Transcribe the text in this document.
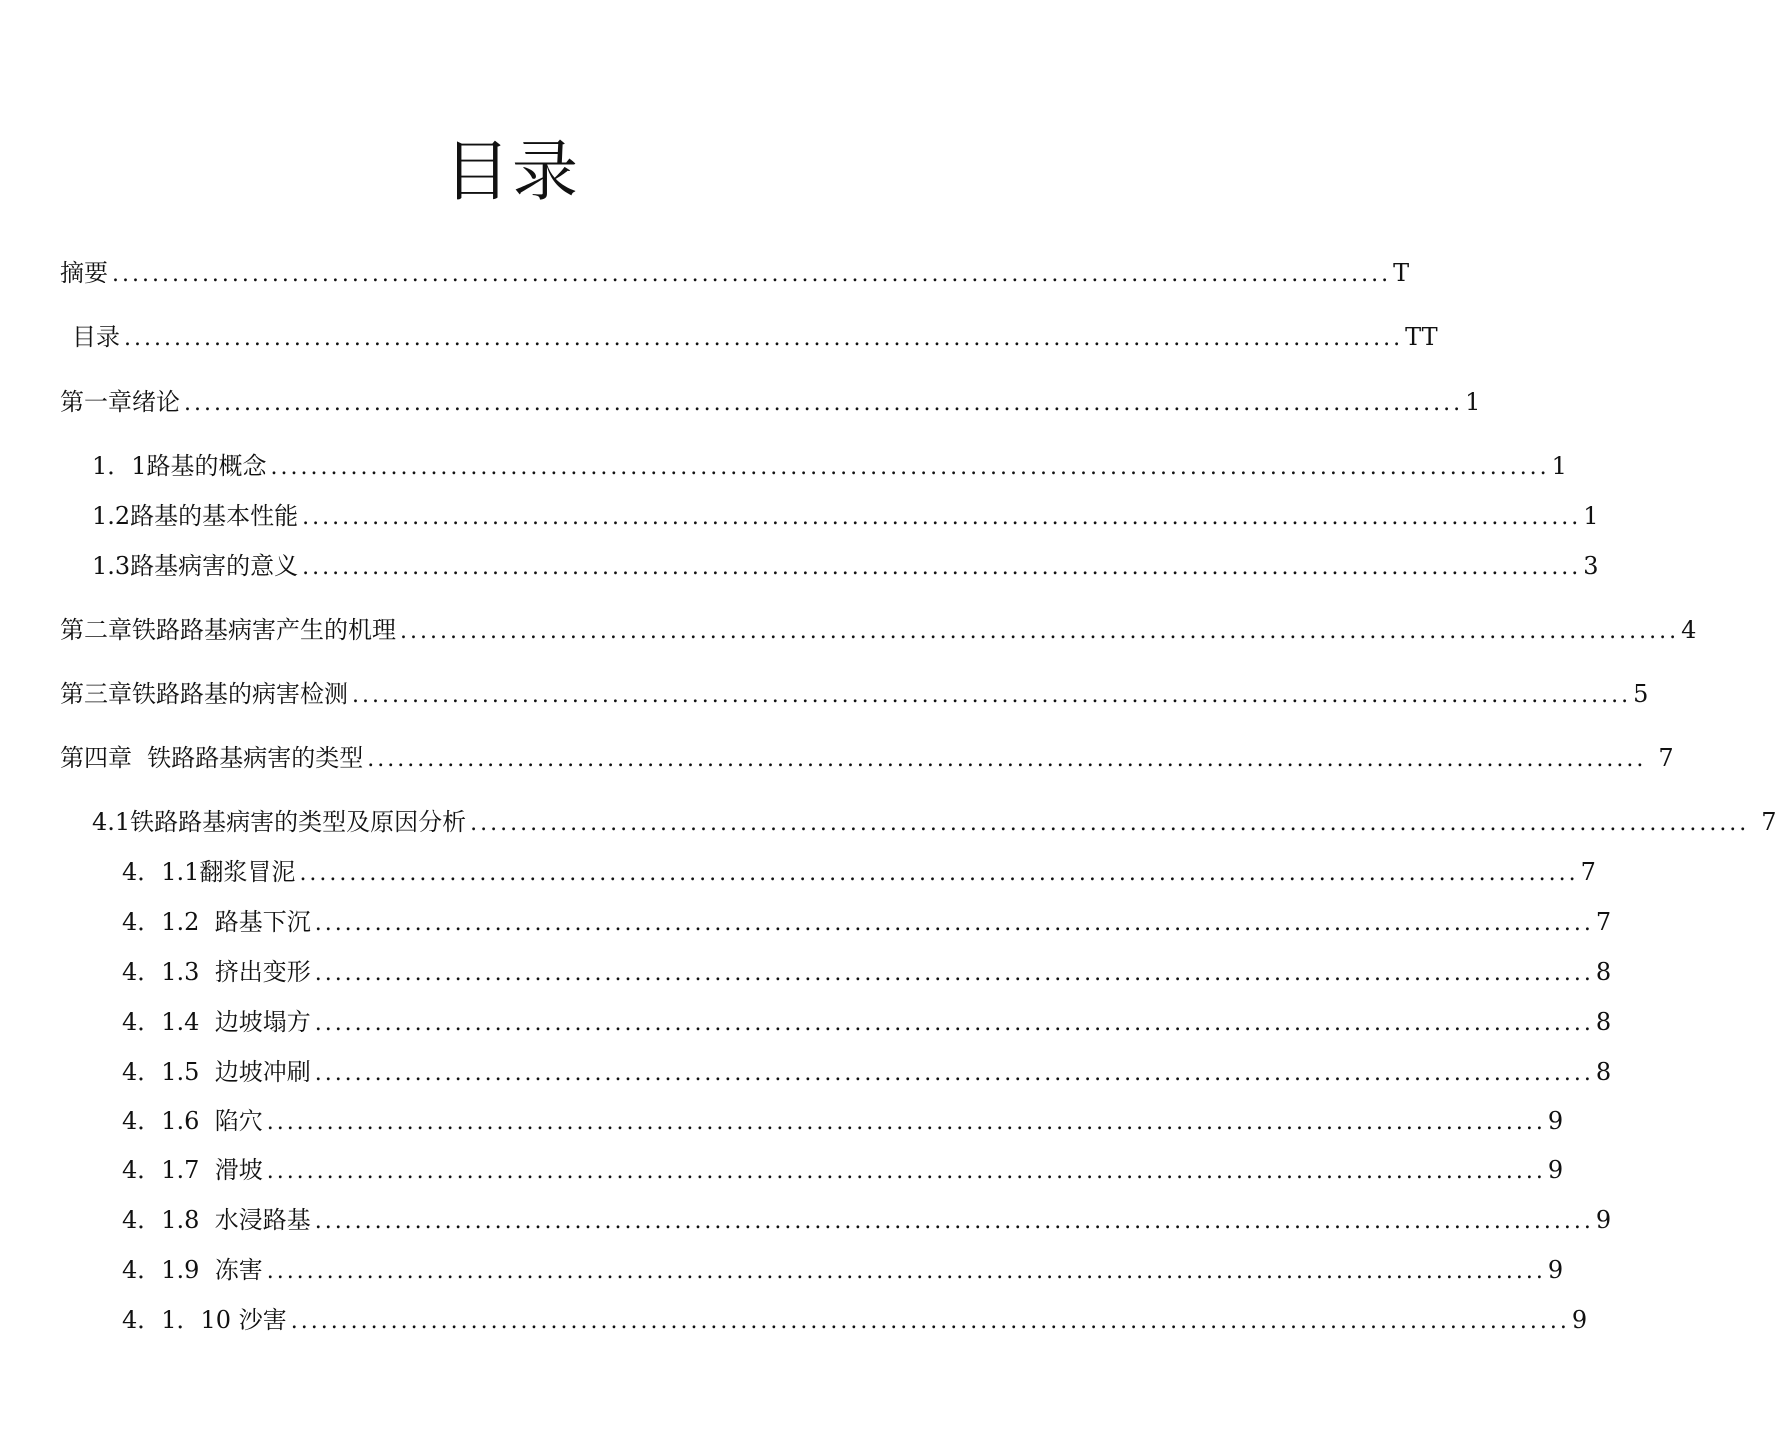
目录
摘要 ................................................................................................................................ T
目录 ................................................................................................................................ TT
第一章绪论 ................................................................................................................................ 1
1．1路基的概念 ................................................................................................................................ 1
1.2路基的基本性能 ................................................................................................................................ 1
1.3路基病害的意义 ................................................................................................................................ 3
第二章铁路路基病害产生的机理 ................................................................................................................................ 4
第三章铁路路基的病害检测 ................................................................................................................................ 5
第四章  铁路路基病害的类型 ................................................................................................................................ 7
4.1铁路路基病害的类型及原因分析 ................................................................................................................................ 7
4．1.1翻浆冒泥 ................................................................................................................................ 7
4．1.2  路基下沉 ................................................................................................................................ 7
4．1.3  挤出变形 ................................................................................................................................ 8
4．1.4  边坡塌方 ................................................................................................................................ 8
4．1.5  边坡冲刷 ................................................................................................................................ 8
4．1.6  陷穴 ................................................................................................................................ 9
4．1.7  滑坡 ................................................................................................................................ 9
4．1.8  水浸路基 ................................................................................................................................ 9
4．1.9  冻害 ................................................................................................................................ 9
4．1．10 沙害 ................................................................................................................................ 9
